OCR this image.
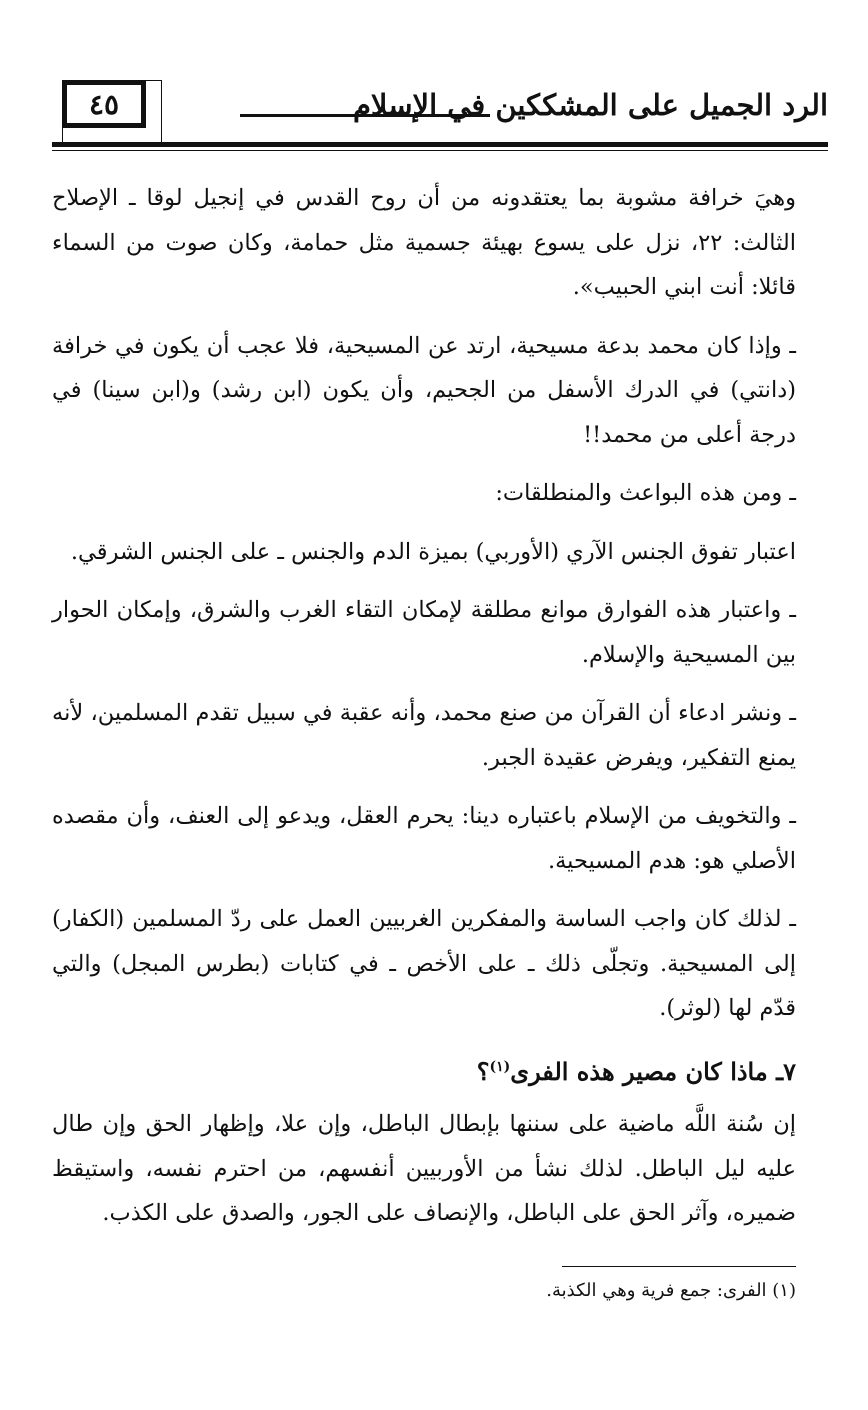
٤٥	الرد الجميل على المشككين في الإسلام

وهيَ خرافة مشوبة بما يعتقدونه من أن روح القدس في إنجيل لوقا ـ الإصلاح الثالث: ٢٢، نزل على يسوع بهيئة جسمية مثل حمامة، وكان صوت من السماء قائلا: أنت ابني الحبيب».

ـ وإذا كان محمد بدعة مسيحية، ارتد عن المسيحية، فلا عجب أن يكون في خرافة (دانتي) في الدرك الأسفل من الجحيم، وأن يكون (ابن رشد) و(ابن سينا) في درجة أعلى من محمد!!

ـ ومن هذه البواعث والمنطلقات:

اعتبار تفوق الجنس الآري (الأوربي) بميزة الدم والجنس ـ على الجنس الشرقي.

ـ واعتبار هذه الفوارق موانع مطلقة لإمكان التقاء الغرب والشرق، وإمكان الحوار بين المسيحية والإسلام.

ـ ونشر ادعاء أن القرآن من صنع محمد، وأنه عقبة في سبيل تقدم المسلمين، لأنه يمنع التفكير، ويفرض عقيدة الجبر.

ـ والتخويف من الإسلام باعتباره دينا: يحرم العقل، ويدعو إلى العنف، وأن مقصده الأصلي هو: هدم المسيحية.

ـ لذلك كان واجب الساسة والمفكرين الغربيين العمل على ردّ المسلمين (الكفار) إلى المسيحية. وتجلّى ذلك ـ على الأخص ـ في كتابات (بطرس المبجل) والتي قدّم لها (لوثر).

٧ـ ماذا كان مصير هذه الفرى$^{(١)}$؟

إن سُنة اللَّه ماضية على سننها بإبطال الباطل، وإن علا، وإظهار الحق وإن طال عليه ليل الباطل. لذلك نشأ من الأوربيين أنفسهم، من احترم نفسه، واستيقظ ضميره، وآثر الحق على الباطل، والإنصاف على الجور، والصدق على الكذب.

(١) الفرى: جمع فرية وهي الكذبة.
